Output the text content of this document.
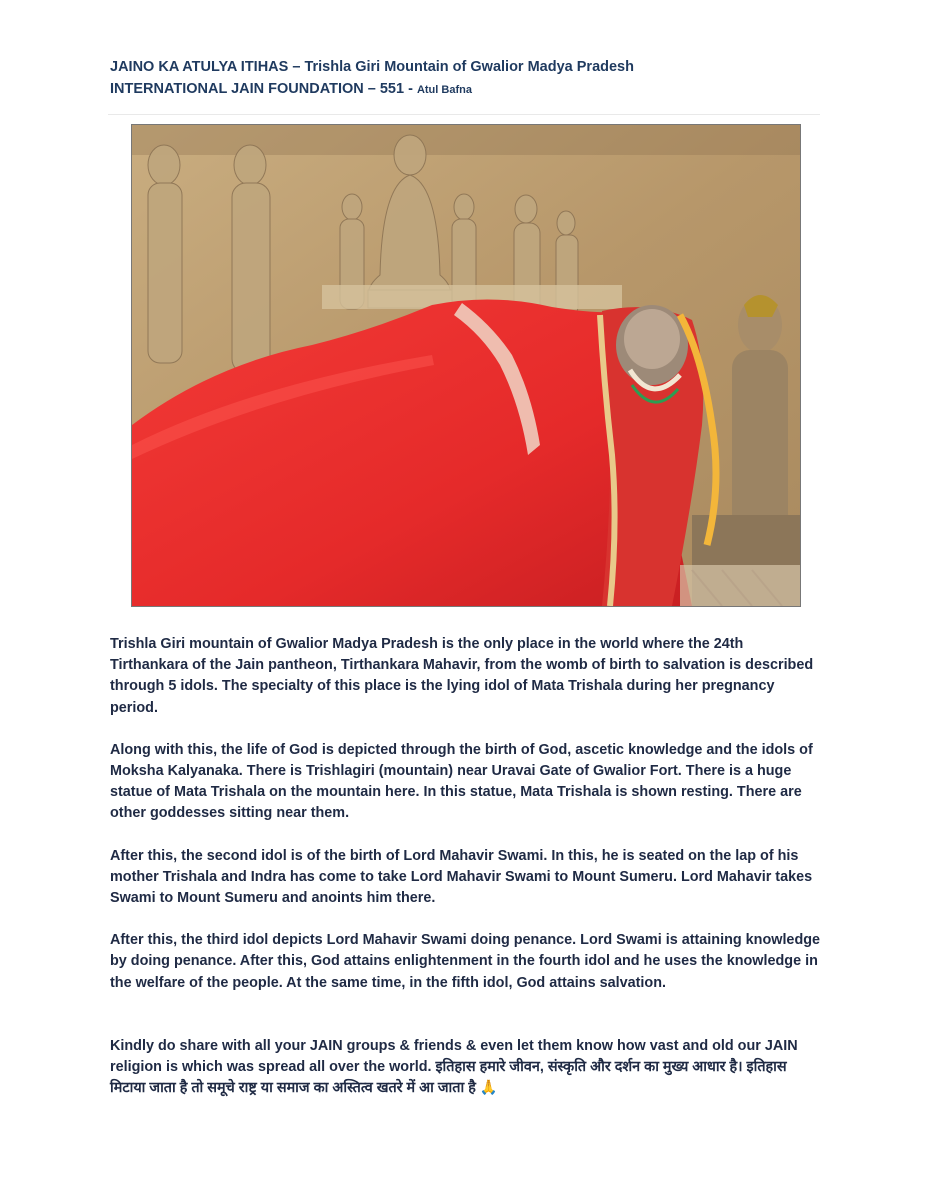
JAINO KA ATULYA ITIHAS – Trishla Giri Mountain of Gwalior Madya Pradesh
INTERNATIONAL JAIN FOUNDATION – 551 - Atul Bafna

Trishla Giri mountain of Gwalior Madya Pradesh is the only place in the world where the 24th Tirthankara of the Jain pantheon, Tirthankara Mahavir, from the womb of birth to salvation is described through 5 idols. The specialty of this place is the lying idol of Mata Trishala during her pregnancy period.

Along with this, the life of God is depicted through the birth of God, ascetic knowledge and the idols of Moksha Kalyanaka. There is Trishlagiri (mountain) near Uravai Gate of Gwalior Fort. There is a huge statue of Mata Trishala on the mountain here. In this statue, Mata Trishala is shown resting. There are other goddesses sitting near them.

After this, the second idol is of the birth of Lord Mahavir Swami. In this, he is seated on the lap of his mother Trishala and Indra has come to take Lord Mahavir Swami to Mount Sumeru. Lord Mahavir takes Swami to Mount Sumeru and anoints him there.

After this, the third idol depicts Lord Mahavir Swami doing penance. Lord Swami is attaining knowledge by doing penance. After this, God attains enlightenment in the fourth idol and he uses the knowledge in the welfare of the people. At the same time, in the fifth idol, God attains salvation.

Kindly do share with all your JAIN groups & friends & even let them know how vast and old our JAIN religion is which was spread all over the world. इतिहास हमारे जीवन, संस्कृति और दर्शन का मुख्य आधार है। इतिहास मिटाया जाता है तो समूचे राष्ट्र या समाज का अस्तित्व खतरे में आ जाता है 🙏
